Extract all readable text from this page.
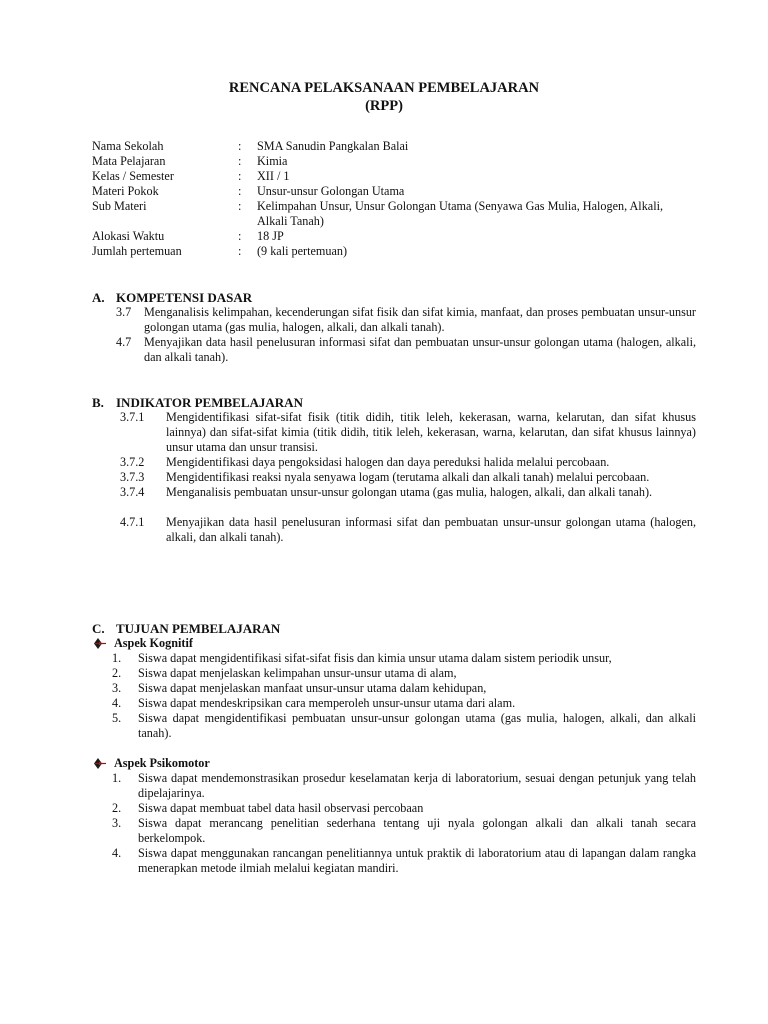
RENCANA PELAKSANAAN PEMBELAJARAN
(RPP)
Nama Sekolah	:	SMA Sanudin Pangkalan Balai
Mata Pelajaran	:	Kimia
Kelas / Semester	:	XII / 1
Materi Pokok	:	Unsur-unsur Golongan Utama
Sub Materi	:	Kelimpahan Unsur, Unsur Golongan Utama (Senyawa Gas Mulia, Halogen, Alkali, Alkali Tanah)
Alokasi Waktu	:	18 JP
Jumlah pertemuan	:	(9 kali pertemuan)
A. KOMPETENSI DASAR
3.7	Menganalisis kelimpahan, kecenderungan sifat fisik dan sifat kimia, manfaat, dan proses pembuatan unsur-unsur golongan utama (gas mulia, halogen, alkali, dan alkali tanah).
4.7	Menyajikan data hasil penelusuran informasi sifat dan pembuatan unsur-unsur golongan utama (halogen, alkali, dan alkali tanah).
B. INDIKATOR PEMBELAJARAN
3.7.1	Mengidentifikasi sifat-sifat fisik (titik didih, titik leleh, kekerasan, warna, kelarutan, dan sifat khusus lainnya) dan sifat-sifat kimia (titik didih, titik leleh, kekerasan, warna, kelarutan, dan sifat khusus lainnya) unsur utama dan unsur transisi.
3.7.2	Mengidentifikasi daya pengoksidasi halogen dan daya pereduksi halida melalui percobaan.
3.7.3	Mengidentifikasi reaksi nyala senyawa logam (terutama alkali dan alkali tanah) melalui percobaan.
3.7.4	Menganalisis pembuatan unsur-unsur golongan utama (gas mulia, halogen, alkali, dan alkali tanah).
4.7.1	Menyajikan data hasil penelusuran informasi sifat dan pembuatan unsur-unsur golongan utama (halogen, alkali, dan alkali tanah).
C. TUJUAN PEMBELAJARAN
Aspek Kognitif
1.	Siswa dapat mengidentifikasi sifat-sifat fisis dan kimia unsur utama dalam sistem periodik unsur,
2.	Siswa dapat menjelaskan kelimpahan unsur-unsur utama di alam,
3.	Siswa dapat menjelaskan manfaat unsur-unsur utama dalam kehidupan,
4.	Siswa dapat mendeskripsikan cara memperoleh unsur-unsur utama dari alam.
5.	Siswa dapat mengidentifikasi pembuatan unsur-unsur golongan utama (gas mulia, halogen, alkali, dan alkali tanah).
Aspek Psikomotor
1.	Siswa dapat mendemonstrasikan prosedur keselamatan kerja di laboratorium, sesuai dengan petunjuk yang telah dipelajarinya.
2.	Siswa dapat membuat tabel data hasil observasi percobaan
3.	Siswa dapat merancang penelitian sederhana tentang uji nyala golongan alkali dan alkali tanah secara berkelompok.
4.	Siswa dapat menggunakan rancangan penelitiannya untuk praktik di laboratorium atau di lapangan dalam rangka menerapkan metode ilmiah melalui kegiatan mandiri.
